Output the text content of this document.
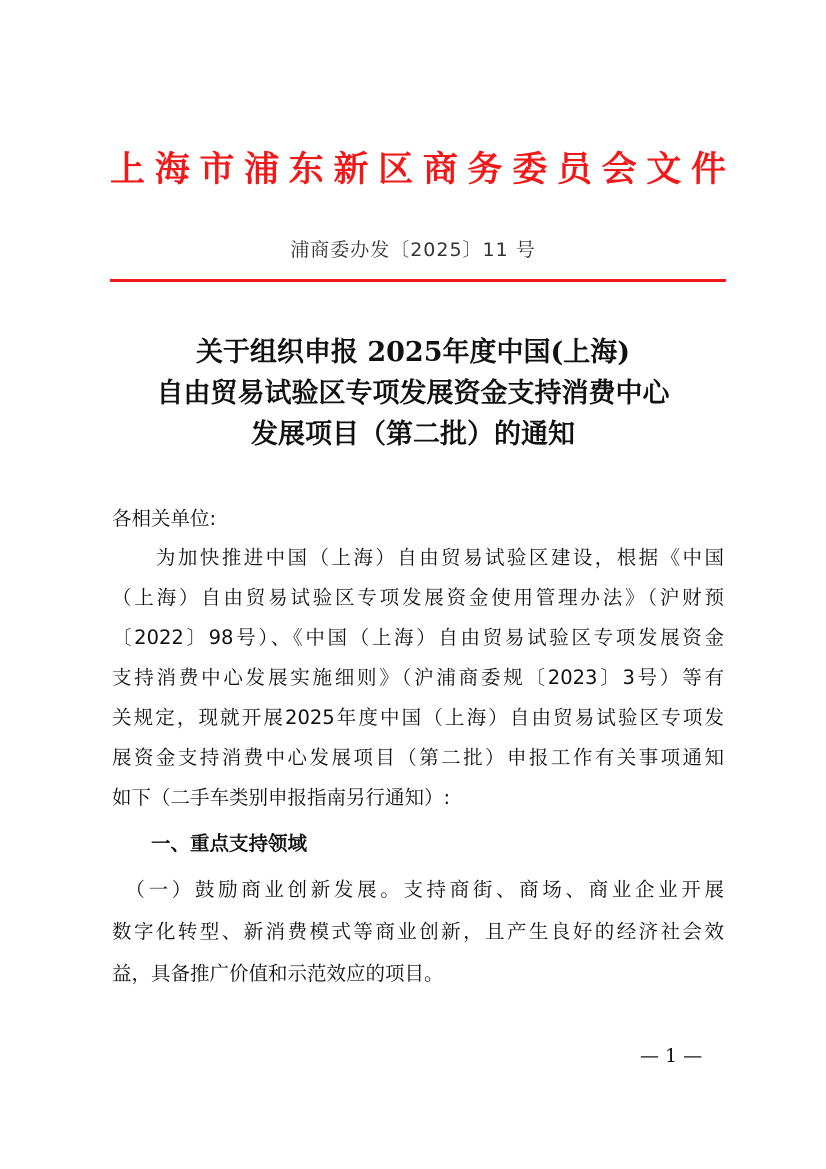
上海市浦东新区商务委员会文件
浦商委办发〔2025〕11 号
关于组织申报 2025年度中国(上海)
自由贸易试验区专项发展资金支持消费中心
发展项目（第二批）的通知
各相关单位:
　　为加快推进中国（上海）自由贸易试验区建设，根据《中国
（上海）自由贸易试验区专项发展资金使用管理办法》（沪财预
〔2022〕98号）、《中国（上海）自由贸易试验区专项发展资金
支持消费中心发展实施细则》（沪浦商委规〔2023〕3号）等有
关规定，现就开展2025年度中国（上海）自由贸易试验区专项发
展资金支持消费中心发展项目（第二批）申报工作有关事项通知
如下（二手车类别申报指南另行通知）:
　　一、重点支持领域
　（一）鼓励商业创新发展。支持商街、商场、商业企业开展
数字化转型、新消费模式等商业创新，且产生良好的经济社会效
益，具备推广价值和示范效应的项目。
— 1 —
